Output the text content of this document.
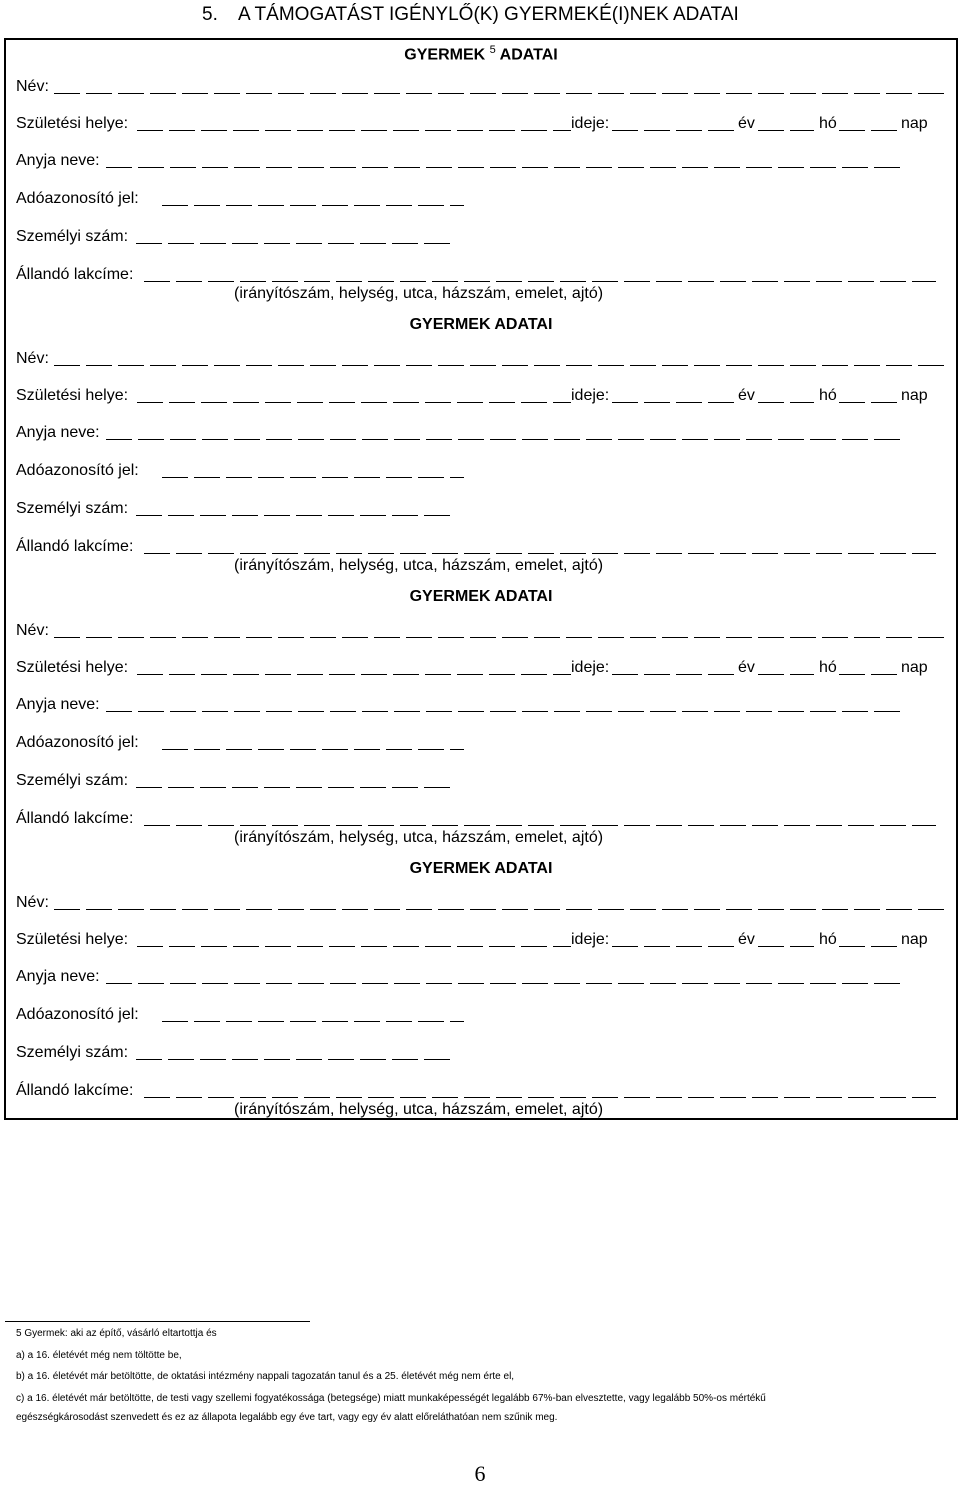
5. A TÁMOGATÁST IGÉNYLŐ(K) GYERMEKÉ(I)NEK ADATAI
GYERMEK $^5$ ADATAI
Név:
Születési helye:	ideje:	év	hó	nap
Anyja neve:
Adóazonosító jel:
Személyi szám:
Állandó lakcíme:
(irányítószám, helység, utca, házszám, emelet, ajtó)
GYERMEK ADATAI
Név:
Születési helye:	ideje:	év	hó	nap
Anyja neve:
Adóazonosító jel:
Személyi szám:
Állandó lakcíme:
(irányítószám, helység, utca, házszám, emelet, ajtó)
GYERMEK ADATAI
Név:
Születési helye:	ideje:	év	hó	nap
Anyja neve:
Adóazonosító jel:
Személyi szám:
Állandó lakcíme:
(irányítószám, helység, utca, házszám, emelet, ajtó)
GYERMEK ADATAI
Név:
Születési helye:	ideje:	év	hó	nap
Anyja neve:
Adóazonosító jel:
Személyi szám:
Állandó lakcíme:
(irányítószám, helység, utca, házszám, emelet, ajtó)
5 Gyermek: aki az építő, vásárló eltartottja és
a) a 16. életévét még nem töltötte be,
b) a 16. életévét már betöltötte, de oktatási intézmény nappali tagozatán tanul és a 25. életévét még nem érte el,
c) a 16. életévét már betöltötte, de testi vagy szellemi fogyatékossága (betegsége) miatt munkaképességét legalább 67%-ban elvesztette, vagy legalább 50%-os mértékű
egészségkárosodást szenvedett és ez az állapota legalább egy éve tart, vagy egy év alatt előreláthatóan nem szűnik meg.
6
